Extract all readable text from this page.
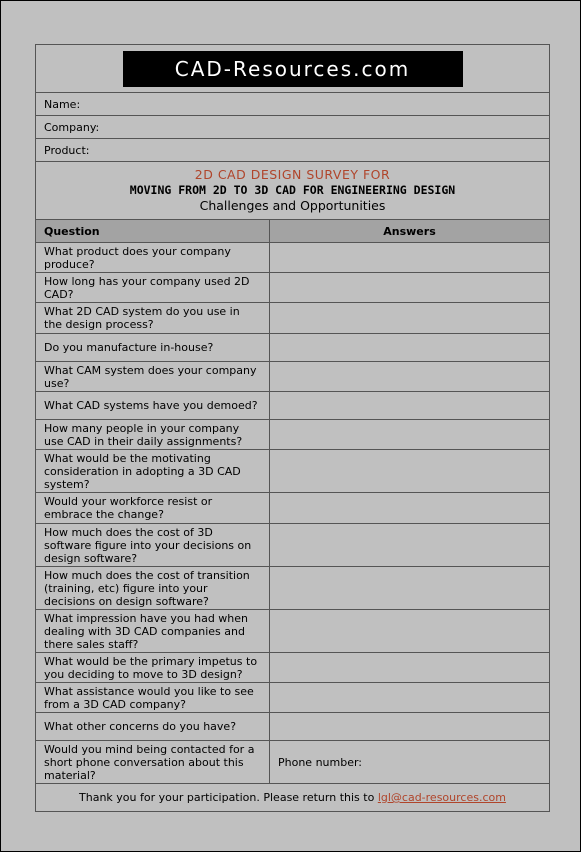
CAD-Resources.com	
Name:	
Company:	
Product:	

2D CAD DESIGN SURVEY FOR
MOVING FROM 2D TO 3D CAD FOR ENGINEERING DESIGN
Challenges and Opportunities	

Question	Answers
What product does your company produce?	
How long has your company used 2D CAD?	
What 2D CAD system do you use in the design process?	
Do you manufacture in-house?	
What CAM system does your company use?	
What CAD systems have you demoed?	
How many people in your company use CAD in their daily assignments?	
What would be the motivating consideration in adopting a 3D CAD system?	
Would your workforce resist or embrace the change?	
How much does the cost of 3D software figure into your decisions on design software?	
How much does the cost of transition (training, etc) figure into your decisions on design software?	
What impression have you had when dealing with 3D CAD companies and there sales staff?	
What would be the primary impetus to you deciding to move to 3D design?	
What assistance would you like to see from a 3D CAD company?	
What other concerns do you have?	
Would you mind being contacted for a short phone conversation about this material?	Phone number:
Thank you for your participation. Please return this to lgl@cad-resources.com	
